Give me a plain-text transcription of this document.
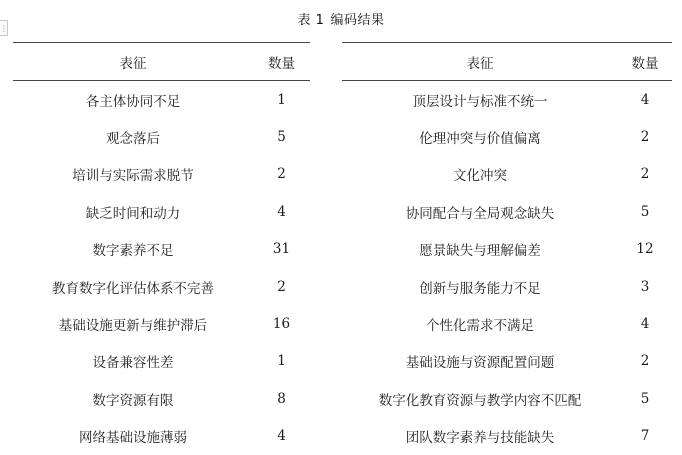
⋮
表 1 编码结果
表征	数量
各主体协同不足	1
观念落后	5
培训与实际需求脱节	2
缺乏时间和动力	4
数字素养不足	31
教育数字化评估体系不完善	2
基础设施更新与维护滞后	16
设备兼容性差	1
数字资源有限	8
网络基础设施薄弱	4
表征	数量
顶层设计与标准不统一	4
伦理冲突与价值偏离	2
文化冲突	2
协同配合与全局观念缺失	5
愿景缺失与理解偏差	12
创新与服务能力不足	3
个性化需求不满足	4
基础设施与资源配置问题	2
数字化教育资源与教学内容不匹配	5
团队数字素养与技能缺失	7
